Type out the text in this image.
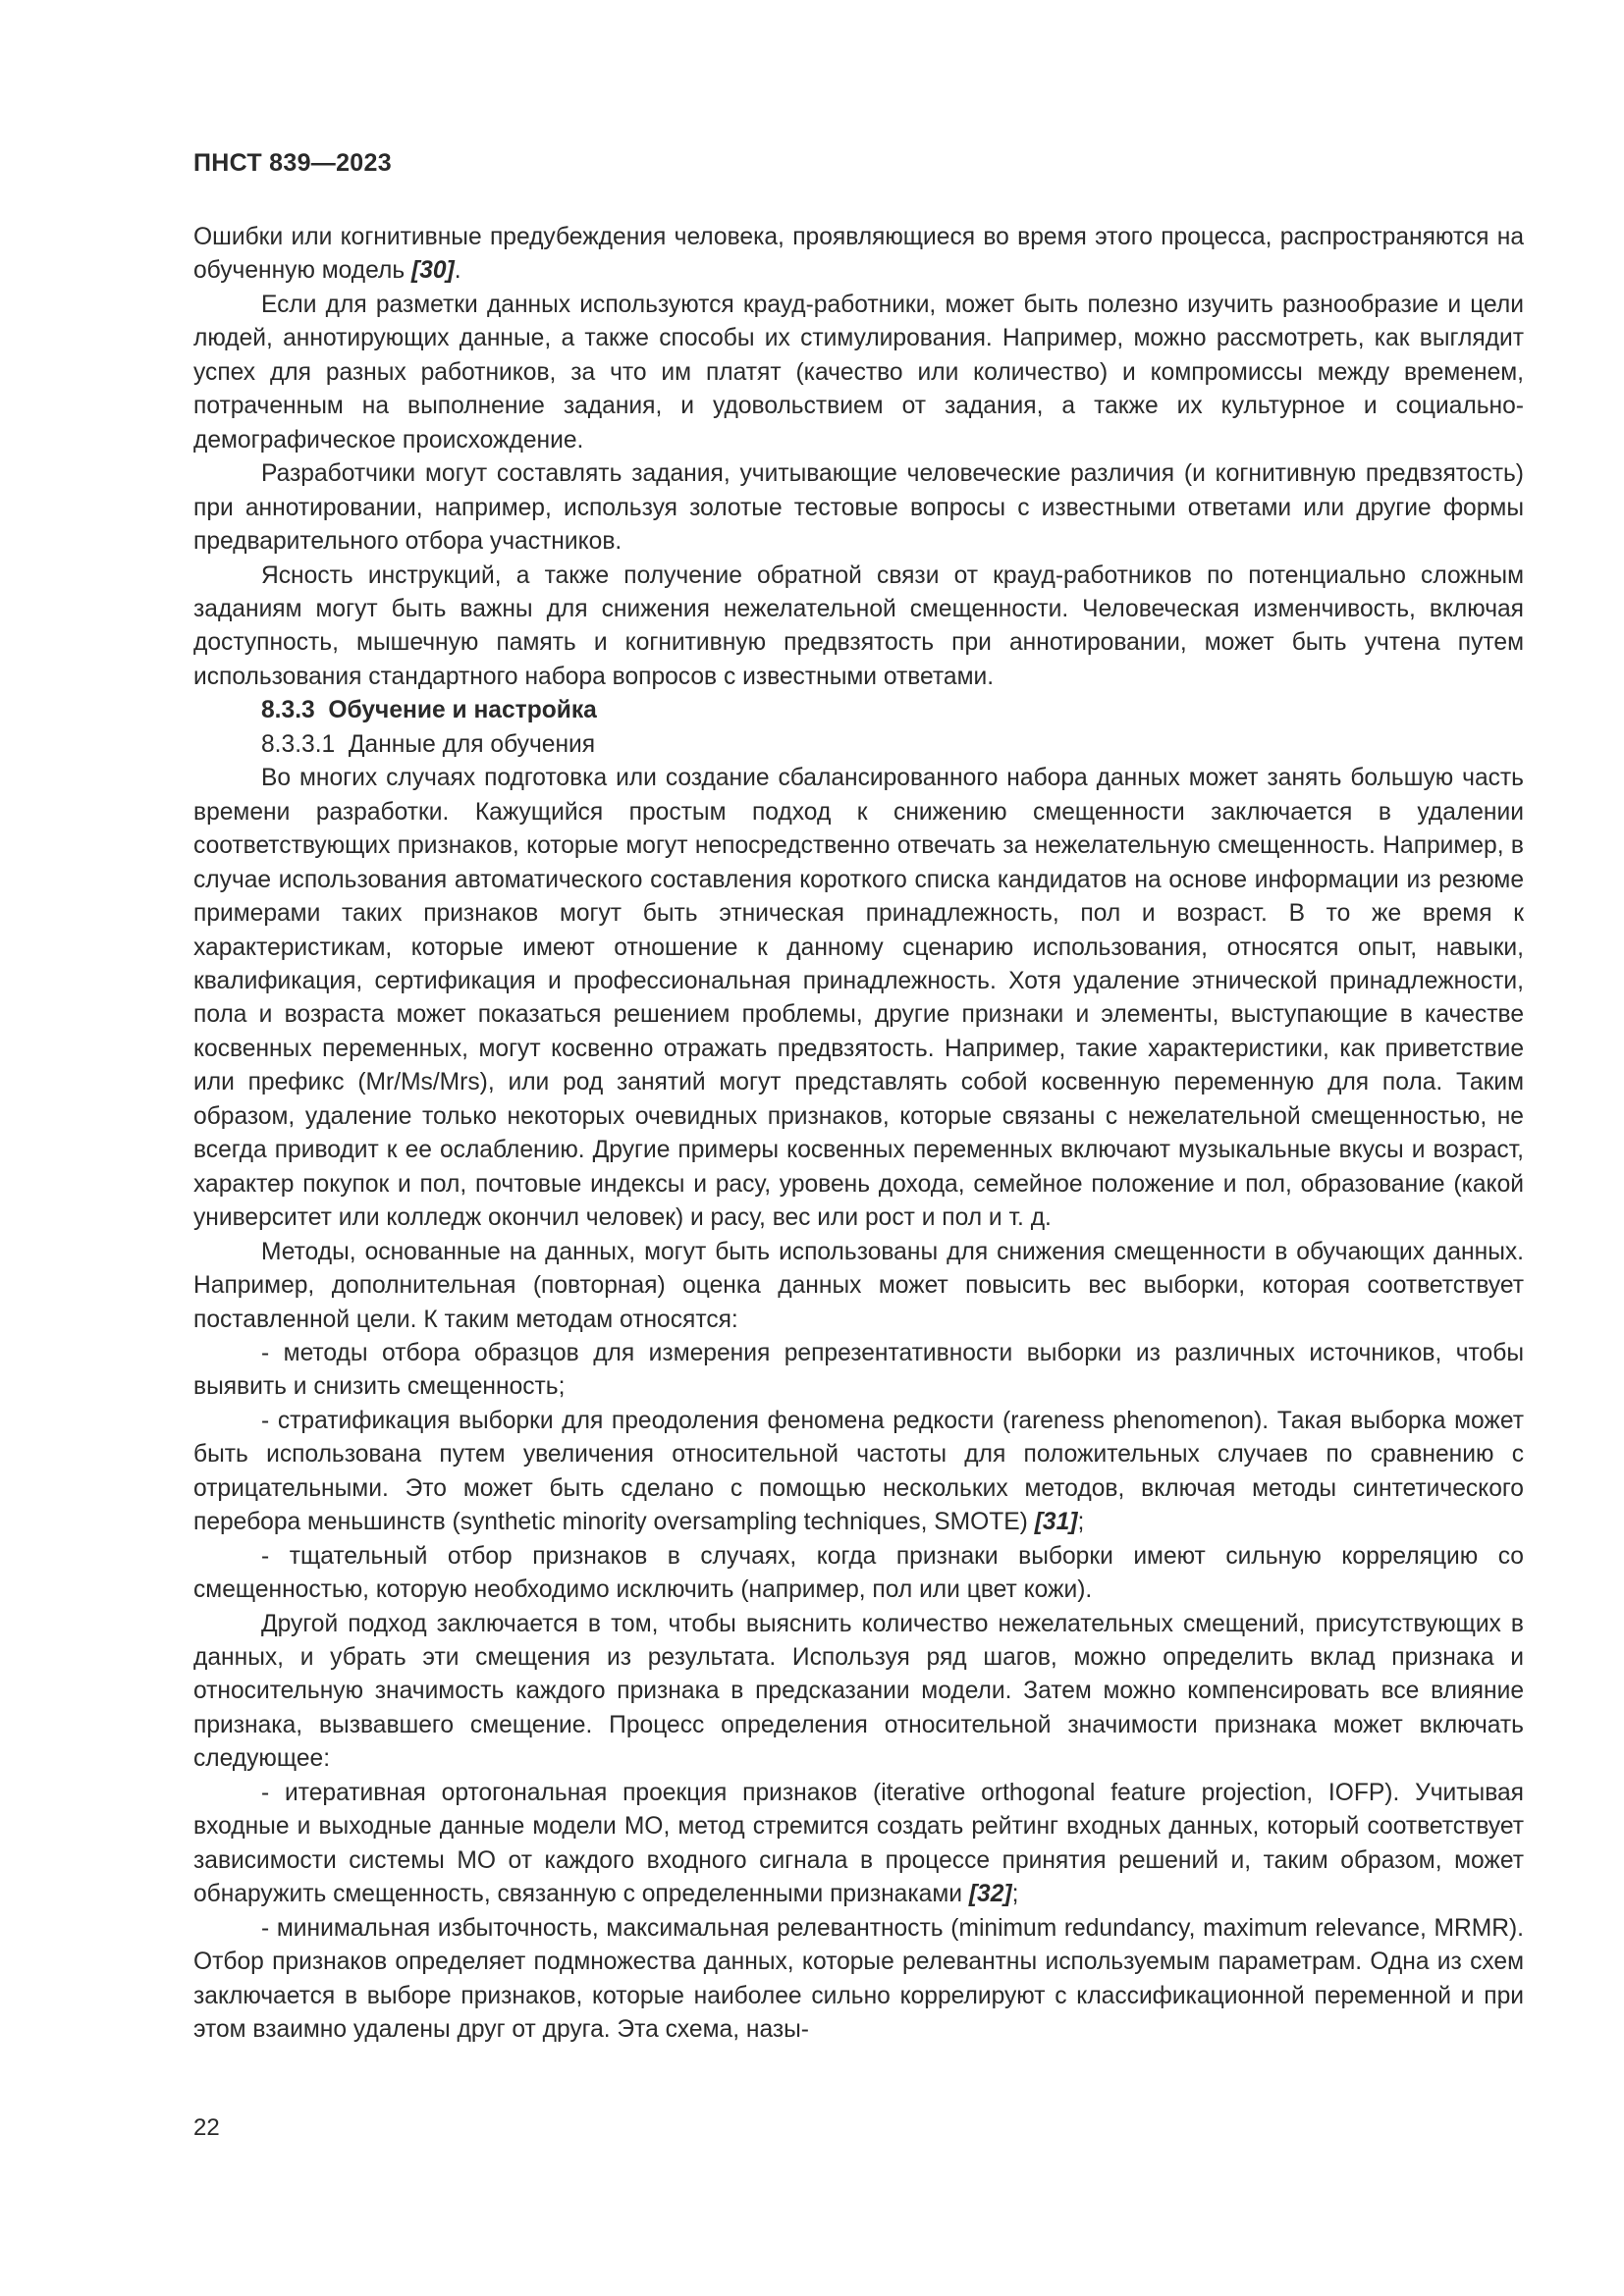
ПНСТ 839—2023

Ошибки или когнитивные предубеждения человека, проявляющиеся во время этого процесса, распространяются на обученную модель [30].

Если для разметки данных используются крауд-работники, может быть полезно изучить разнообразие и цели людей, аннотирующих данные, а также способы их стимулирования. Например, можно рассмотреть, как выглядит успех для разных работников, за что им платят (качество или количество) и компромиссы между временем, потраченным на выполнение задания, и удовольствием от задания, а также их культурное и социально-демографическое происхождение.

Разработчики могут составлять задания, учитывающие человеческие различия (и когнитивную предвзятость) при аннотировании, например, используя золотые тестовые вопросы с известными ответами или другие формы предварительного отбора участников.

Ясность инструкций, а также получение обратной связи от крауд-работников по потенциально сложным заданиям могут быть важны для снижения нежелательной смещенности. Человеческая изменчивость, включая доступность, мышечную память и когнитивную предвзятость при аннотировании, может быть учтена путем использования стандартного набора вопросов с известными ответами.

8.3.3 Обучение и настройка

8.3.3.1 Данные для обучения

Во многих случаях подготовка или создание сбалансированного набора данных может занять большую часть времени разработки. Кажущийся простым подход к снижению смещенности заключается в удалении соответствующих признаков, которые могут непосредственно отвечать за нежелательную смещенность. Например, в случае использования автоматического составления короткого списка кандидатов на основе информации из резюме примерами таких признаков могут быть этническая принадлежность, пол и возраст. В то же время к характеристикам, которые имеют отношение к данному сценарию использования, относятся опыт, навыки, квалификация, сертификация и профессиональная принадлежность. Хотя удаление этнической принадлежности, пола и возраста может показаться решением проблемы, другие признаки и элементы, выступающие в качестве косвенных переменных, могут косвенно отражать предвзятость. Например, такие характеристики, как приветствие или префикс (Mr/Ms/Mrs), или род занятий могут представлять собой косвенную переменную для пола. Таким образом, удаление только некоторых очевидных признаков, которые связаны с нежелательной смещенностью, не всегда приводит к ее ослаблению. Другие примеры косвенных переменных включают музыкальные вкусы и возраст, характер покупок и пол, почтовые индексы и расу, уровень дохода, семейное положение и пол, образование (какой университет или колледж окончил человек) и расу, вес или рост и пол и т. д.

Методы, основанные на данных, могут быть использованы для снижения смещенности в обучающих данных. Например, дополнительная (повторная) оценка данных может повысить вес выборки, которая соответствует поставленной цели. К таким методам относятся:

- методы отбора образцов для измерения репрезентативности выборки из различных источников, чтобы выявить и снизить смещенность;

- стратификация выборки для преодоления феномена редкости (rareness phenomenon). Такая выборка может быть использована путем увеличения относительной частоты для положительных случаев по сравнению с отрицательными. Это может быть сделано с помощью нескольких методов, включая методы синтетического перебора меньшинств (synthetic minority oversampling techniques, SMOTE) [31];

- тщательный отбор признаков в случаях, когда признаки выборки имеют сильную корреляцию со смещенностью, которую необходимо исключить (например, пол или цвет кожи).

Другой подход заключается в том, чтобы выяснить количество нежелательных смещений, присутствующих в данных, и убрать эти смещения из результата. Используя ряд шагов, можно определить вклад признака и относительную значимость каждого признака в предсказании модели. Затем можно компенсировать все влияние признака, вызвавшего смещение. Процесс определения относительной значимости признака может включать следующее:

- итеративная ортогональная проекция признаков (iterative orthogonal feature projection, IOFP). Учитывая входные и выходные данные модели МО, метод стремится создать рейтинг входных данных, который соответствует зависимости системы МО от каждого входного сигнала в процессе принятия решений и, таким образом, может обнаружить смещенность, связанную с определенными признаками [32];

- минимальная избыточность, максимальная релевантность (minimum redundancy, maximum relevance, MRMR). Отбор признаков определяет подмножества данных, которые релевантны используемым параметрам. Одна из схем заключается в выборе признаков, которые наиболее сильно коррелируют с классификационной переменной и при этом взаимно удалены друг от друга. Эта схема, назы-

22
